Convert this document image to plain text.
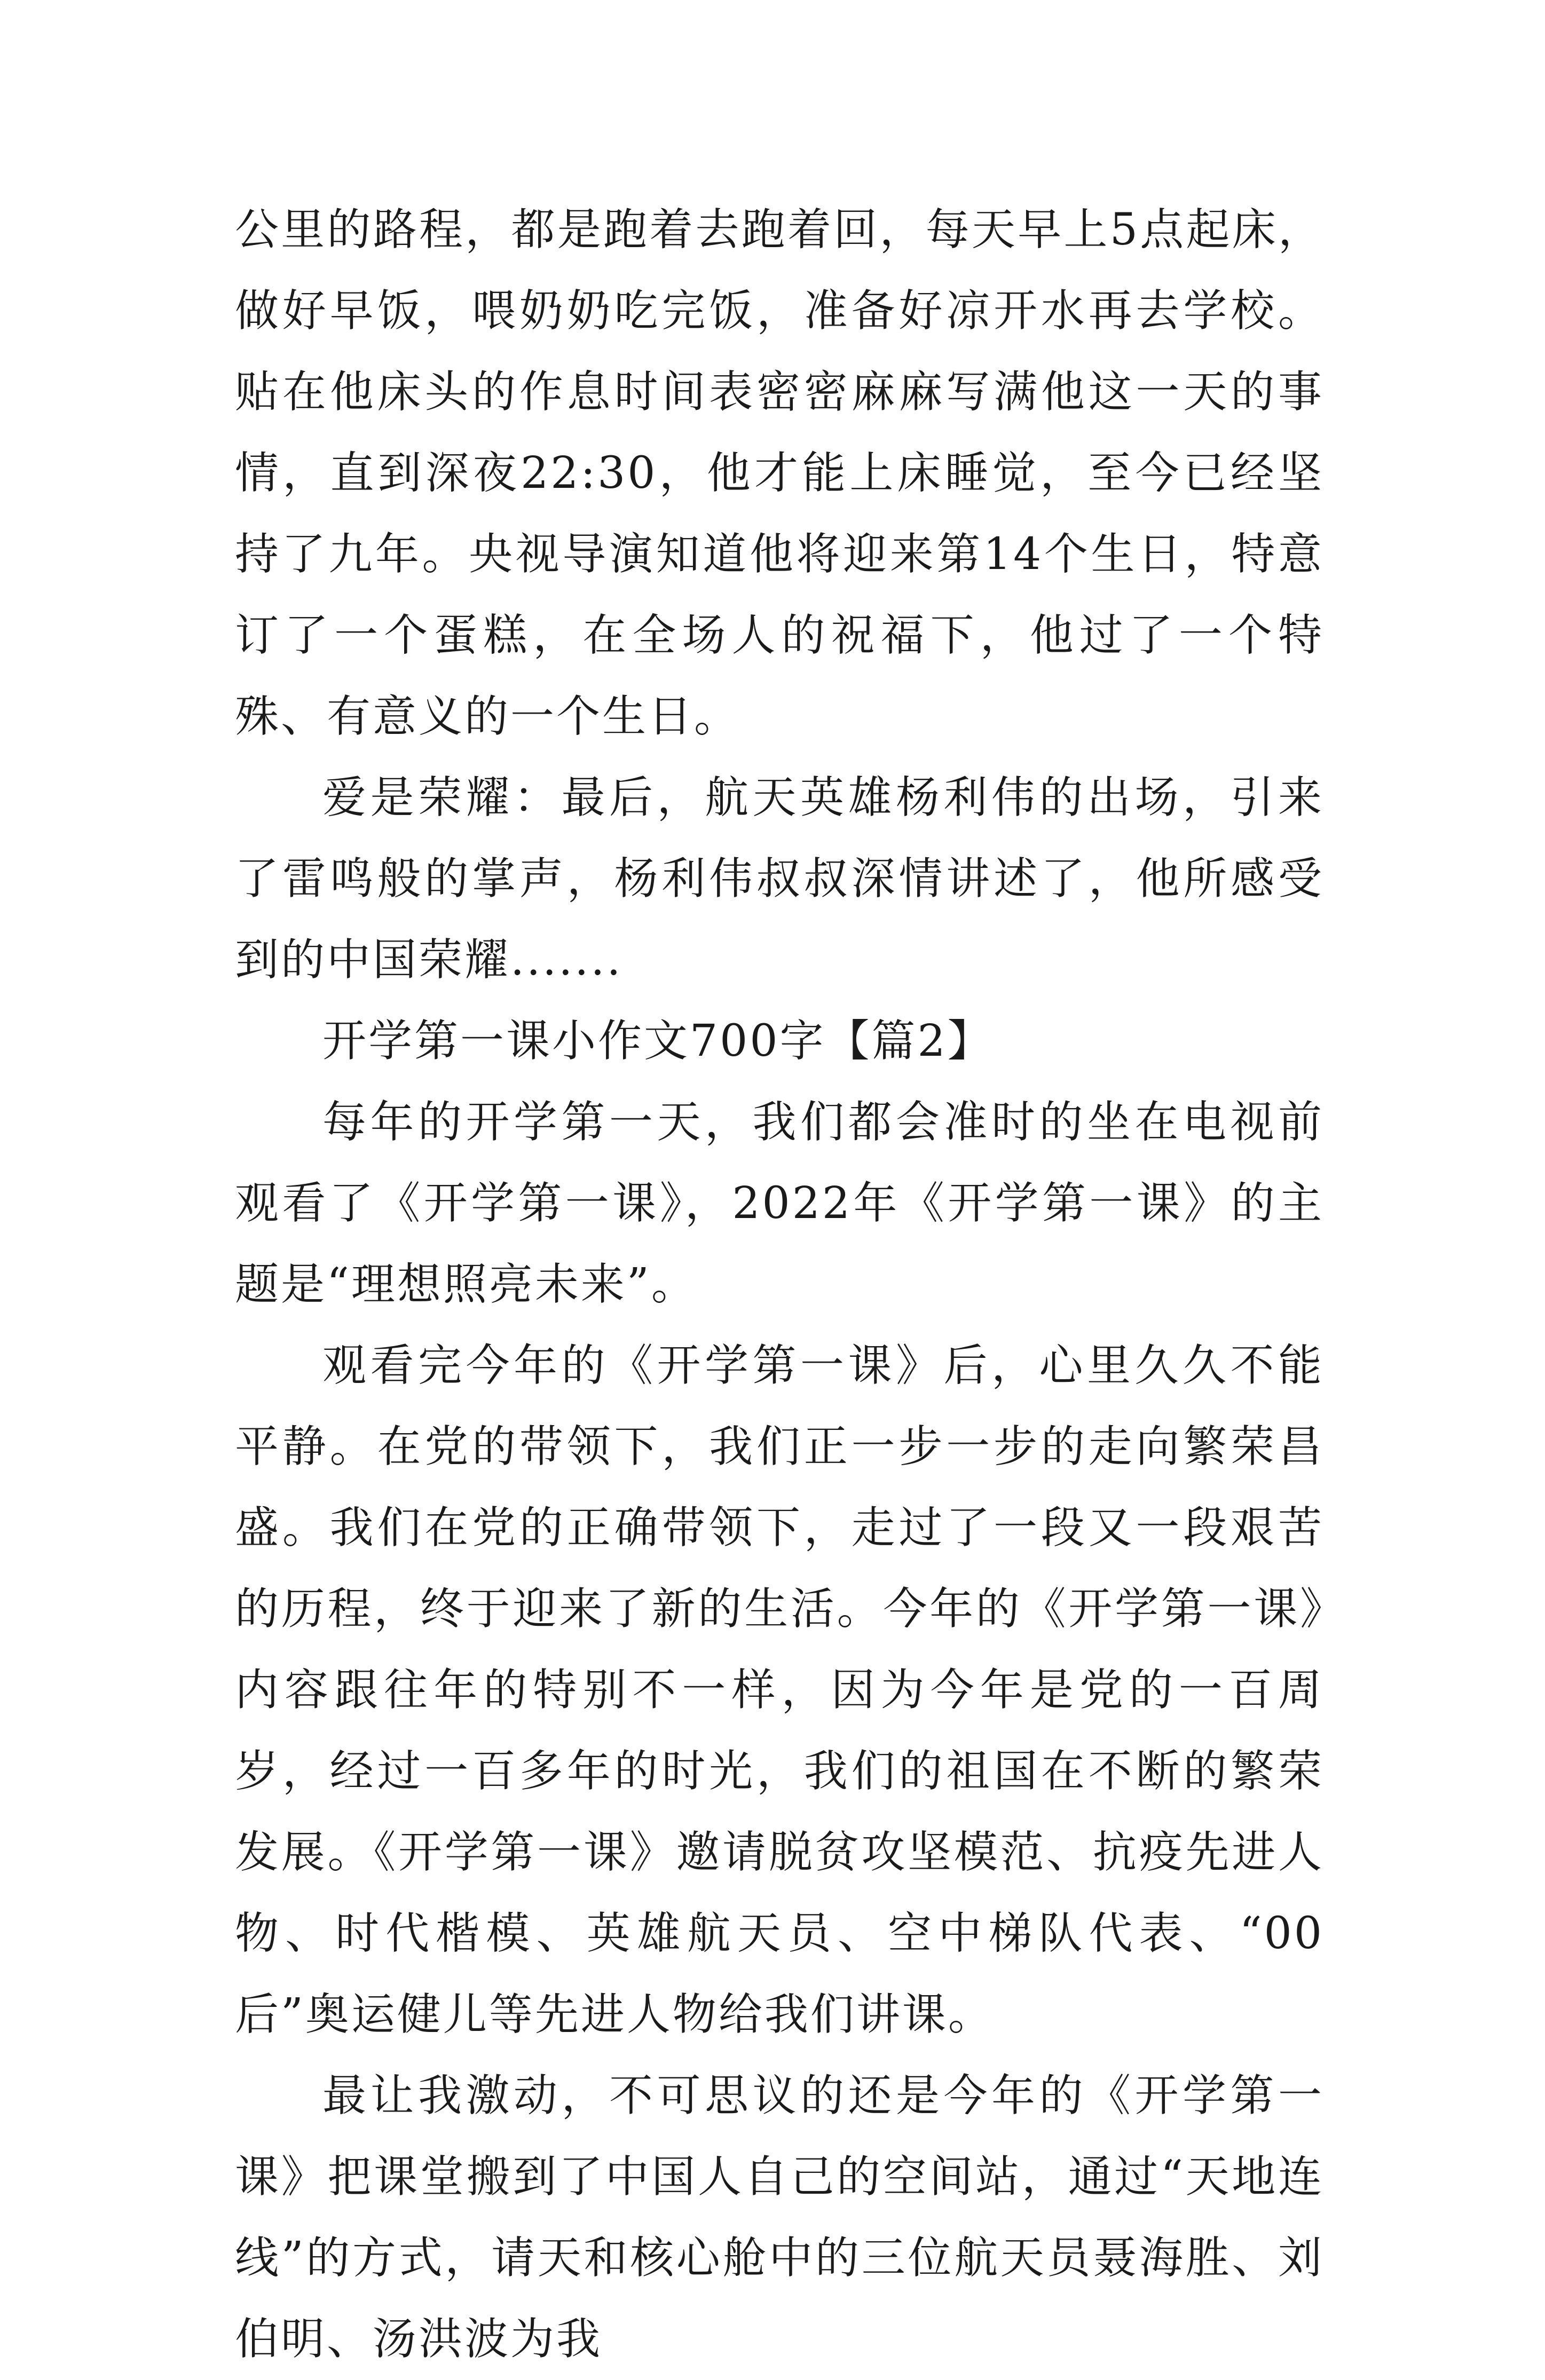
公里的路程，都是跑着去跑着回，每天早上5点起床，做好早饭，喂奶奶吃完饭，准备好凉开水再去学校。贴在他床头的作息时间表密密麻麻写满他这一天的事情，直到深夜22:30，他才能上床睡觉，至今已经坚持了九年。央视导演知道他将迎来第14个生日，特意订了一个蛋糕，在全场人的祝福下，他过了一个特殊、有意义的一个生日。

爱是荣耀：最后，航天英雄杨利伟的出场，引来了雷鸣般的掌声，杨利伟叔叔深情讲述了，他所感受到的中国荣耀.......

开学第一课小作文700字【篇2】

每年的开学第一天，我们都会准时的坐在电视前观看了《开学第一课》，2022年《开学第一课》的主题是“理想照亮未来”。

观看完今年的《开学第一课》后，心里久久不能平静。在党的带领下，我们正一步一步的走向繁荣昌盛。我们在党的正确带领下，走过了一段又一段艰苦的历程，终于迎来了新的生活。今年的《开学第一课》内容跟往年的特别不一样，因为今年是党的一百周岁，经过一百多年的时光，我们的祖国在不断的繁荣发展。《开学第一课》邀请脱贫攻坚模范、抗疫先进人物、时代楷模、英雄航天员、空中梯队代表、“00后”奥运健儿等先进人物给我们讲课。

最让我激动，不可思议的还是今年的《开学第一课》把课堂搬到了中国人自己的空间站，通过“天地连线”的方式，请天和核心舱中的三位航天员聂海胜、刘伯明、汤洪波为我
